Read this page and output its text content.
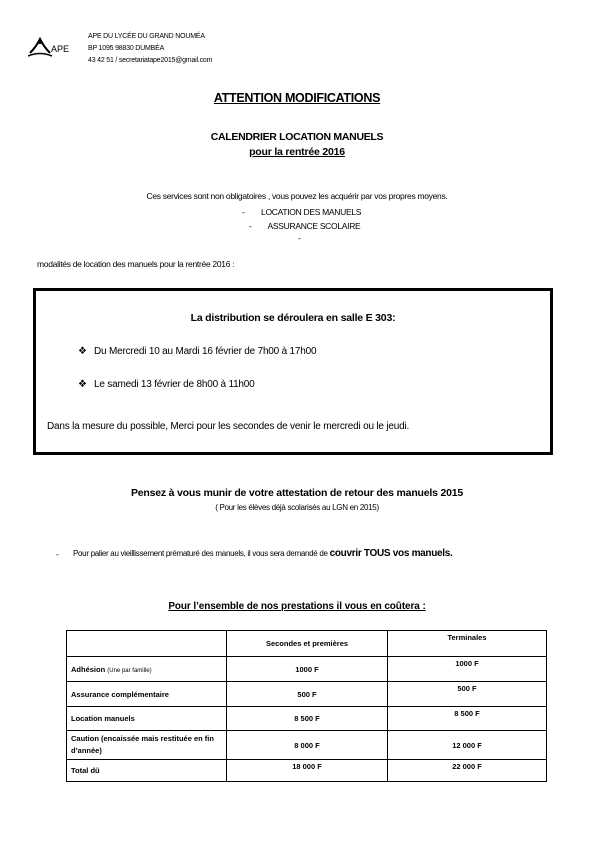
APE
APE DU LYCÉE DU GRAND NOUMÉA
BP 1095 98830 DUMBÉA
43 42 51 / secretariatape2015@gmail.com
ATTENTION MODIFICATIONS
CALENDRIER LOCATION MANUELS
pour la rentrée 2016
Ces services sont non obligatoires , vous pouvez les acquérir par vos propres moyens.
-        LOCATION DES MANUELS
-        ASSURANCE SCOLAIRE
-
modalités de location des manuels pour la rentrée 2016 :
La distribution se déroulera en salle E 303:
❖ Du Mercredi 10 au Mardi 16 février de 7h00 à 17h00
❖ Le samedi 13 février de 8h00 à 11h00
Dans la mesure du possible, Merci pour les secondes de venir le mercredi ou le jeudi.
Pensez à vous munir de votre attestation de retour des manuels 2015
( Pour les élèves déjà scolarisés au LGN en 2015)
- Pour palier au vieillissement prématuré des manuels, il vous sera demandé de couvrir TOUS vos manuels.
Pour l’ensemble de nos prestations il vous en coûtera :
	Secondes et premières	Terminales
Adhésion (Une par famille)	1000 F	1000 F
Assurance complémentaire	500 F	500 F
Location manuels	8 500 F	8 500 F
Caution (encaissée mais restituée en fin d’année)	8 000 F	12 000 F
Total dû	18 000 F	22 000 F
